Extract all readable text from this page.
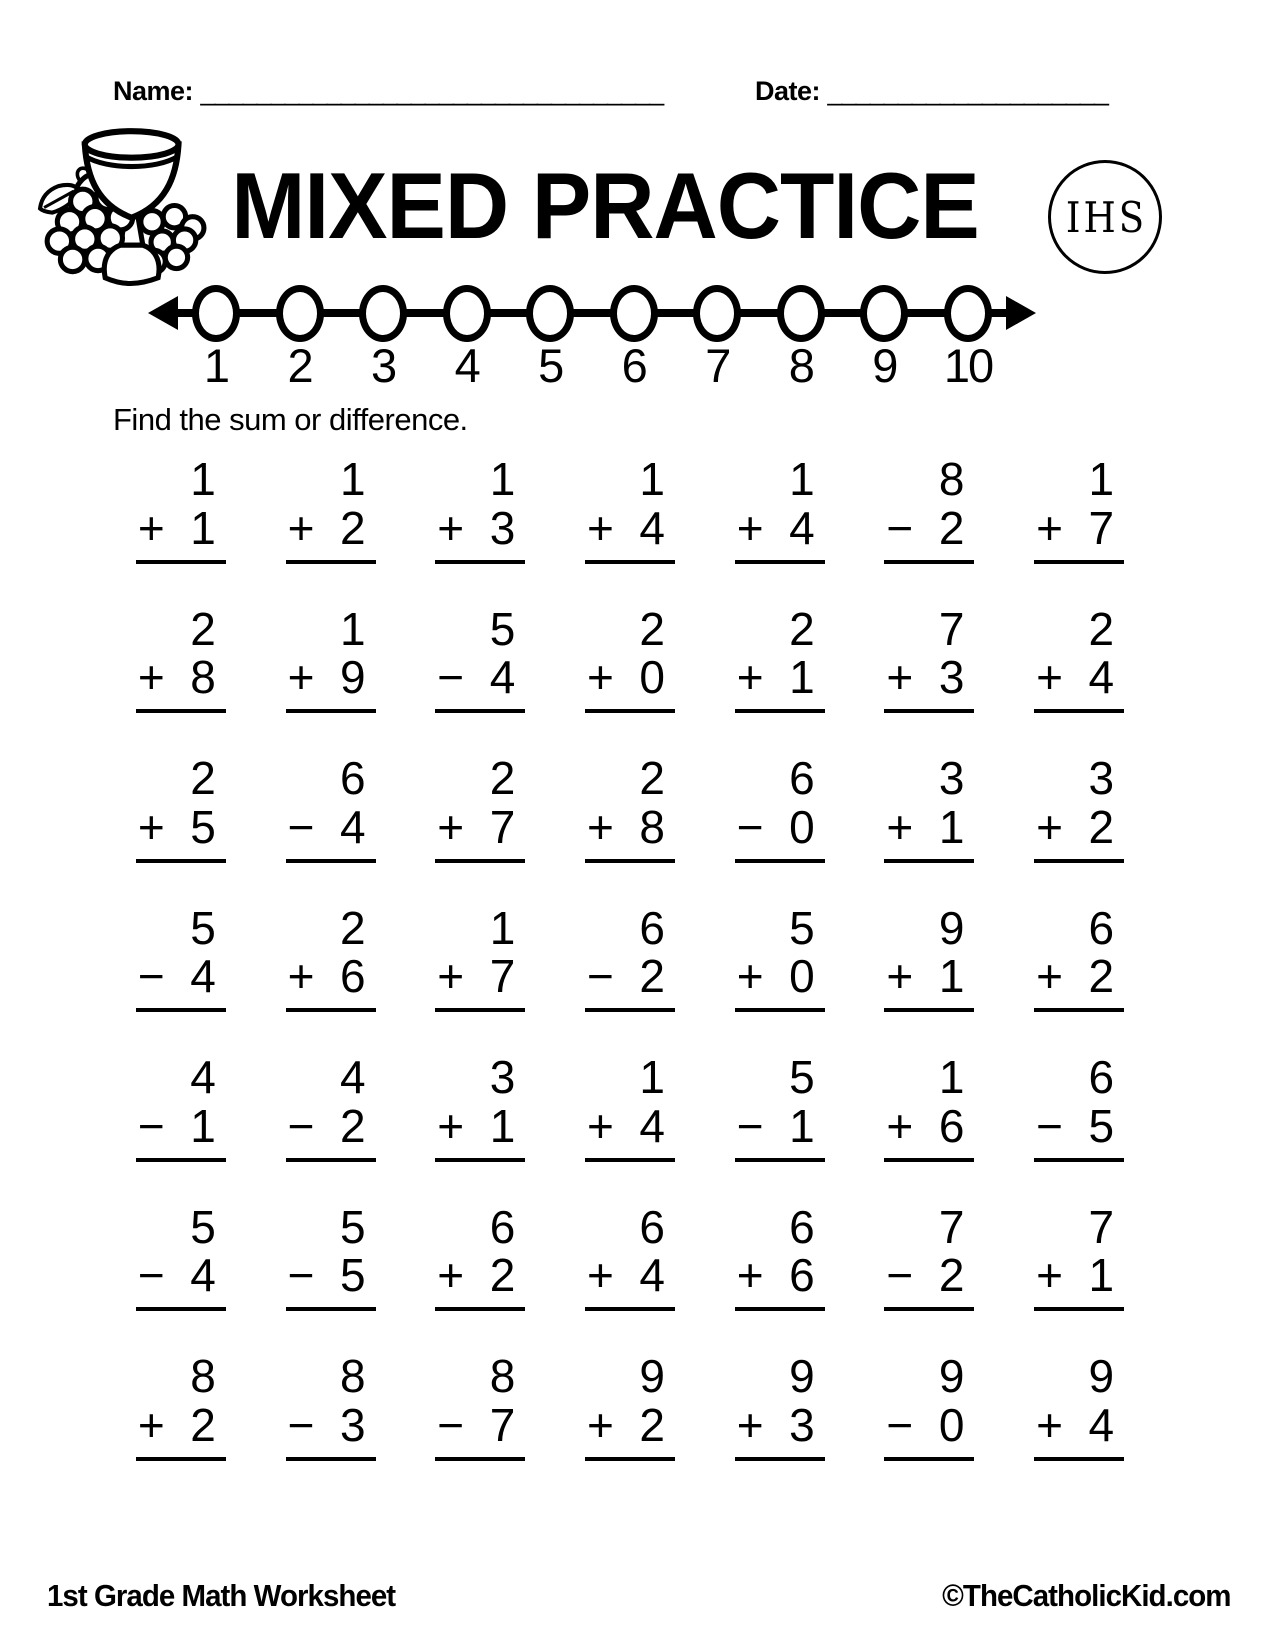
Name: _________________________________	Date: ____________________
MIXED PRACTICE IHS
1 2 3 4 5 6 7 8 9 10
Find the sum or difference.
1
+ 1
1
+ 2
1
+ 3
1
+ 4
1
+ 4
8
− 2
1
+ 7
2
+ 8
1
+ 9
5
− 4
2
+ 0
2
+ 1
7
+ 3
2
+ 4
2
+ 5
6
− 4
2
+ 7
2
+ 8
6
− 0
3
+ 1
3
+ 2
5
− 4
2
+ 6
1
+ 7
6
− 2
5
+ 0
9
+ 1
6
+ 2
4
− 1
4
− 2
3
+ 1
1
+ 4
5
− 1
1
+ 6
6
− 5
5
− 4
5
− 5
6
+ 2
6
+ 4
6
+ 6
7
− 2
7
+ 1
8
+ 2
8
− 3
8
− 7
9
+ 2
9
+ 3
9
− 0
9
+ 4
1st Grade Math Worksheet	©TheCatholicKid.com
